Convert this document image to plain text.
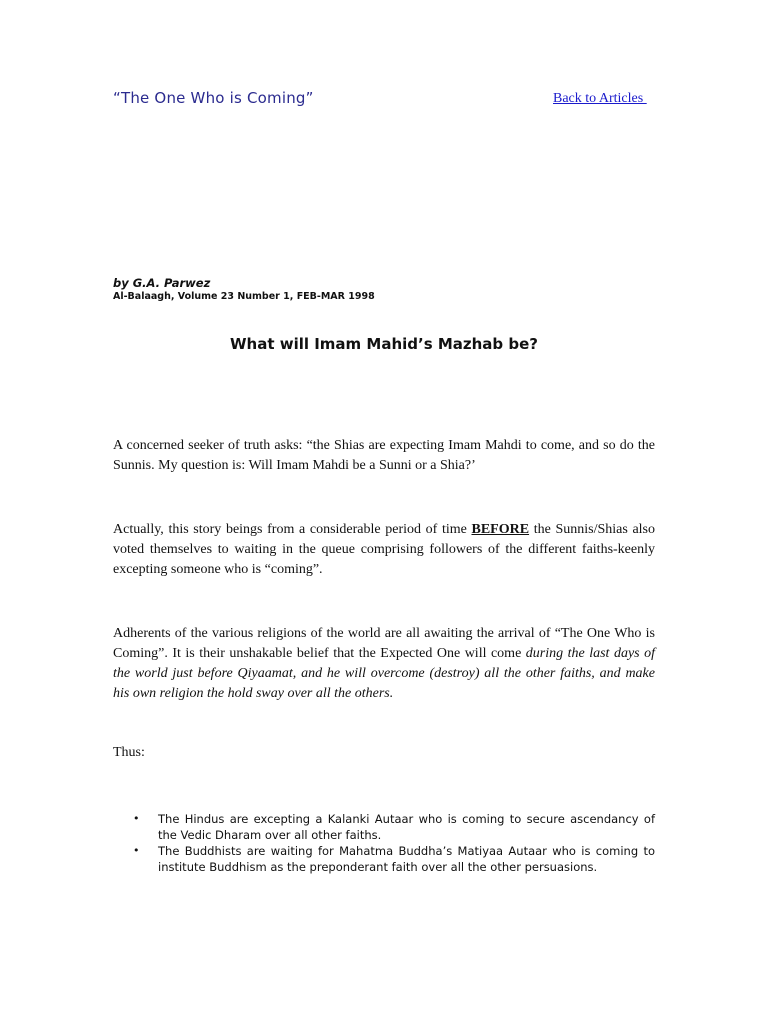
“The One Who is Coming”	Back to Articles
by G.A. Parwez
Al-Balaagh, Volume 23 Number 1, FEB-MAR 1998
What will Imam Mahid’s Mazhab be?

A concerned seeker of truth asks: “the Shias are expecting Imam Mahdi to come, and so do the Sunnis. My question is: Will Imam Mahdi be a Sunni or a Shia?’

Actually, this story beings from a considerable period of time BEFORE the Sunnis/Shias also voted themselves to waiting in the queue comprising followers of the different faiths-keenly excepting someone who is “coming”.

Adherents of the various religions of the world are all awaiting the arrival of “The One Who is Coming”. It is their unshakable belief that the Expected One will come during the last days of the world just before Qiyaamat, and he will overcome (destroy) all the other faiths, and make his own religion the hold sway over all the others.

Thus:

• The Hindus are excepting a Kalanki Autaar who is coming to secure ascendancy of the Vedic Dharam over all other faiths.
• The Buddhists are waiting for Mahatma Buddha’s Matiyaa Autaar who is coming to institute Buddhism as the preponderant faith over all the other persuasions.
